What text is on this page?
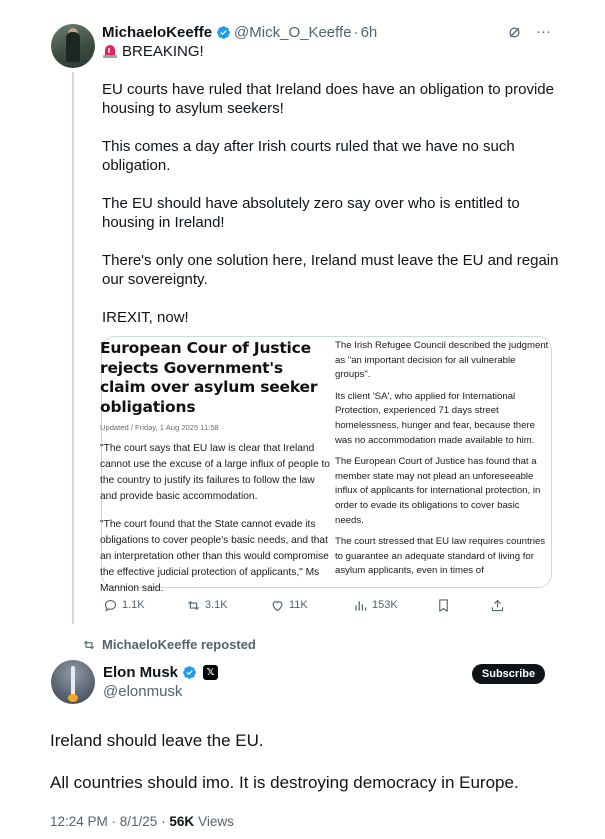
MichaeloKeeffe @Mick_O_Keeffe · 6h	···

BREAKING!

EU courts have ruled that Ireland does have an obligation to provide housing to asylum seekers!

This comes a day after Irish courts ruled that we have no such obligation.

The EU should have absolutely zero say over who is entitled to housing in Ireland!

There's only one solution here, Ireland must leave the EU and regain our sovereignty.

IREXIT, now!

European Cour of Justice rejects Government's claim over asylum seeker obligations
Updated / Friday, 1 Aug 2025 11:58

"The court says that EU law is clear that Ireland cannot use the excuse of a large influx of people to the country to justify its failures to follow the law and provide basic accommodation.

"The court found that the State cannot evade its obligations to cover people's basic needs, and that an interpretation other than this would compromise the effective judicial protection of applicants," Ms Mannion said.

The Irish Refugee Council described the judgment as "an important decision for all vulnerable groups".

Its client 'SA', who applied for International Protection, experienced 71 days street homelessness, hunger and fear, because there was no accommodation made available to him.

The European Court of Justice has found that a member state may not plead an unforeseeable influx of applicants for international protection, in order to evade its obligations to cover basic needs.

The court stressed that EU law requires countries to guarantee an adequate standard of living for asylum applicants, even in times of

1.1K	3.1K	11K	153K
MichaeloKeeffe reposted
Elon Musk	𝕏
@elonmusk
Subscribe

Ireland should leave the EU.

All countries should imo. It is destroying democracy in Europe.

12:24 PM · 8/1/25 · 56K Views
